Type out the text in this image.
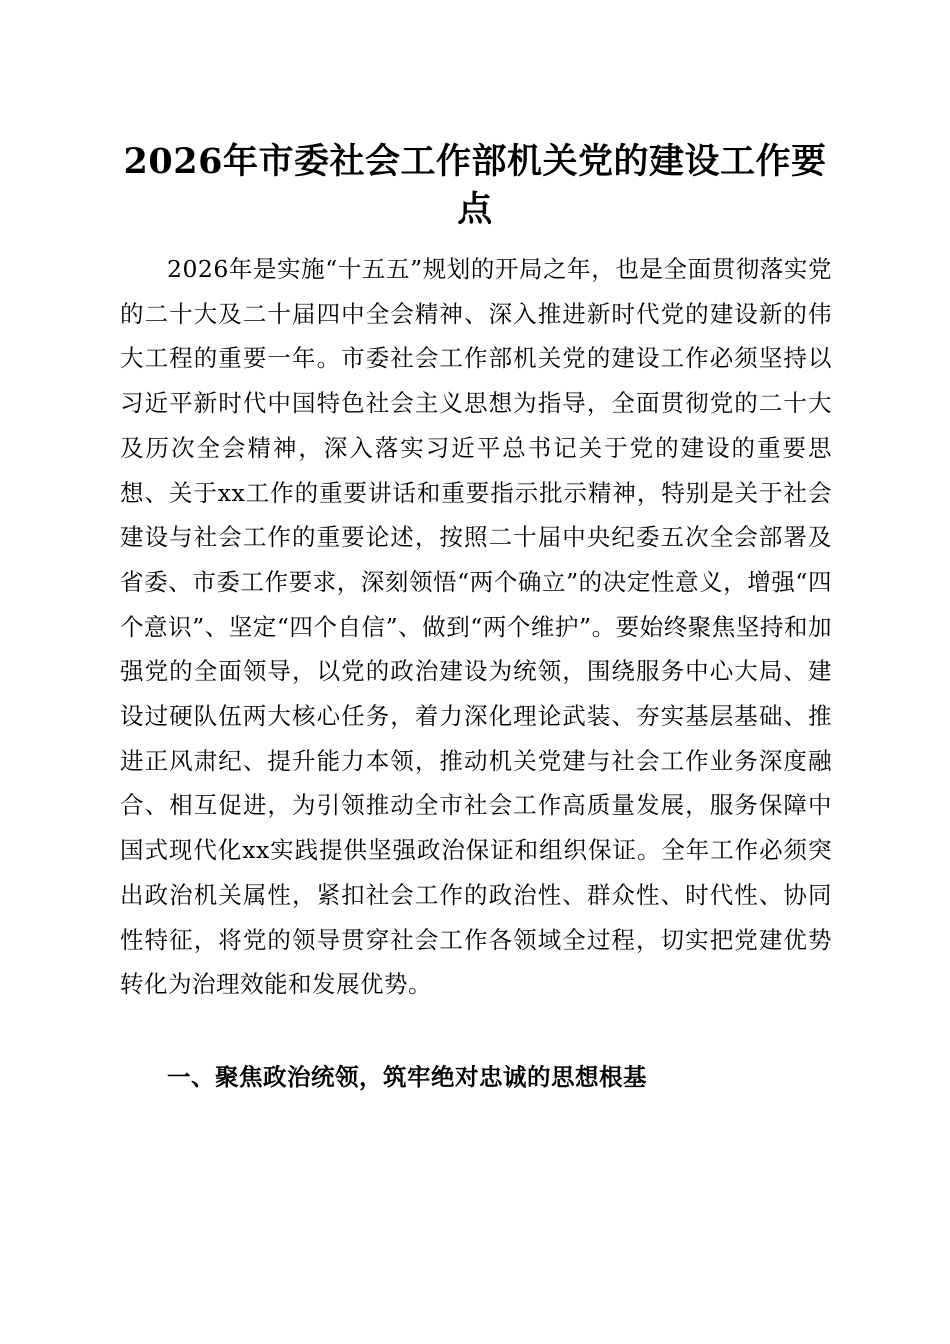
2026年市委社会工作部机关党的建设工作要点

2026年是实施“十五五”规划的开局之年，也是全面贯彻落实党的二十大及二十届四中全会精神、深入推进新时代党的建设新的伟大工程的重要一年。市委社会工作部机关党的建设工作必须坚持以习近平新时代中国特色社会主义思想为指导，全面贯彻党的二十大及历次全会精神，深入落实习近平总书记关于党的建设的重要思想、关于xx工作的重要讲话和重要指示批示精神，特别是关于社会建设与社会工作的重要论述，按照二十届中央纪委五次全会部署及省委、市委工作要求，深刻领悟“两个确立”的决定性意义，增强“四个意识”、坚定“四个自信”、做到“两个维护”。要始终聚焦坚持和加强党的全面领导，以党的政治建设为统领，围绕服务中心大局、建设过硬队伍两大核心任务，着力深化理论武装、夯实基层基础、推进正风肃纪、提升能力本领，推动机关党建与社会工作业务深度融合、相互促进，为引领推动全市社会工作高质量发展，服务保障中国式现代化xx实践提供坚强政治保证和组织保证。全年工作必须突出政治机关属性，紧扣社会工作的政治性、群众性、时代性、协同性特征，将党的领导贯穿社会工作各领域全过程，切实把党建优势转化为治理效能和发展优势。

一、聚焦政治统领，筑牢绝对忠诚的思想根基
